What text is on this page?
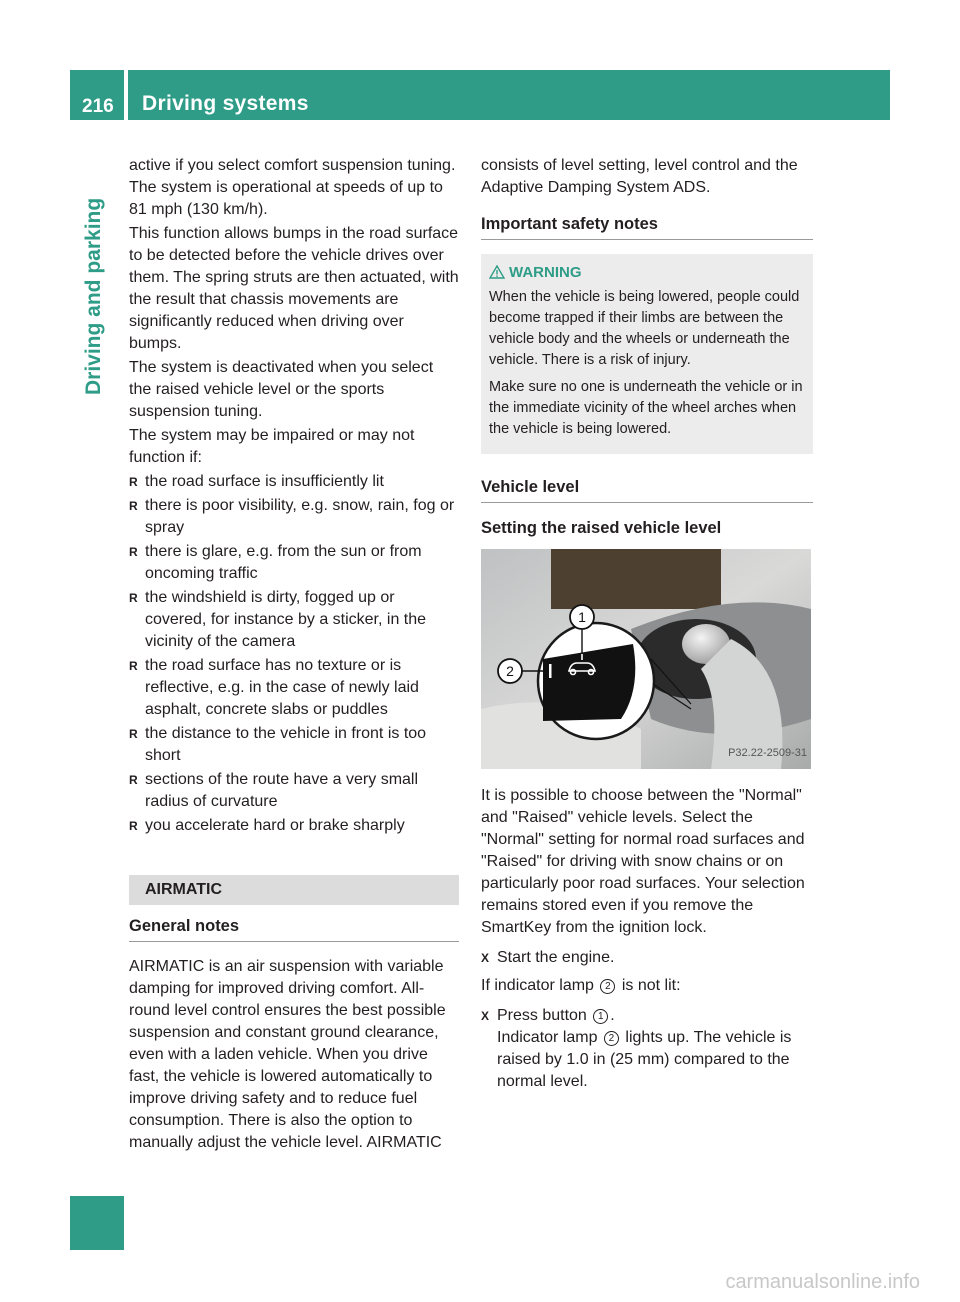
216 Driving systems
Driving and parking

active if you select comfort suspension tuning. The system is operational at speeds of up to 81 mph (130 km/h).

This function allows bumps in the road surface to be detected before the vehicle drives over them. The spring struts are then actuated, with the result that chassis movements are significantly reduced when driving over bumps.

The system is deactivated when you select the raised vehicle level or the sports suspension tuning.

The system may be impaired or may not function if:

R the road surface is insufficiently lit
R there is poor visibility, e.g. snow, rain, fog or spray
R there is glare, e.g. from the sun or from oncoming traffic
R the windshield is dirty, fogged up or covered, for instance by a sticker, in the vicinity of the camera
R the road surface has no texture or is reflective, e.g. in the case of newly laid asphalt, concrete slabs or puddles
R the distance to the vehicle in front is too short
R sections of the route have a very small radius of curvature
R you accelerate hard or brake sharply
AIRMATIC
General notes

AIRMATIC is an air suspension with variable damping for improved driving comfort. All-round level control ensures the best possible suspension and constant ground clearance, even with a laden vehicle. When you drive fast, the vehicle is lowered automatically to improve driving safety and to reduce fuel consumption. There is also the option to manually adjust the vehicle level. AIRMATIC

consists of level setting, level control and the Adaptive Damping System ADS.

Important safety notes
WARNING

When the vehicle is being lowered, people could become trapped if their limbs are between the vehicle body and the wheels or underneath the vehicle. There is a risk of injury.

Make sure no one is underneath the vehicle or in the immediate vicinity of the wheel arches when the vehicle is being lowered.

Vehicle level
Setting the raised vehicle level
1
2
P32.22-2509-31

It is possible to choose between the "Normal" and "Raised" vehicle levels. Select the "Normal" setting for normal road surfaces and "Raised" for driving with snow chains or on particularly poor road surfaces. Your selection remains stored even if you remove the SmartKey from the ignition lock.

X Start the engine.

If indicator lamp 2 is not lit:

X Press button 1 .
Indicator lamp 2 lights up. The vehicle is raised by 1.0 in (25 mm) compared to the normal level.
carmanualsonline.info
